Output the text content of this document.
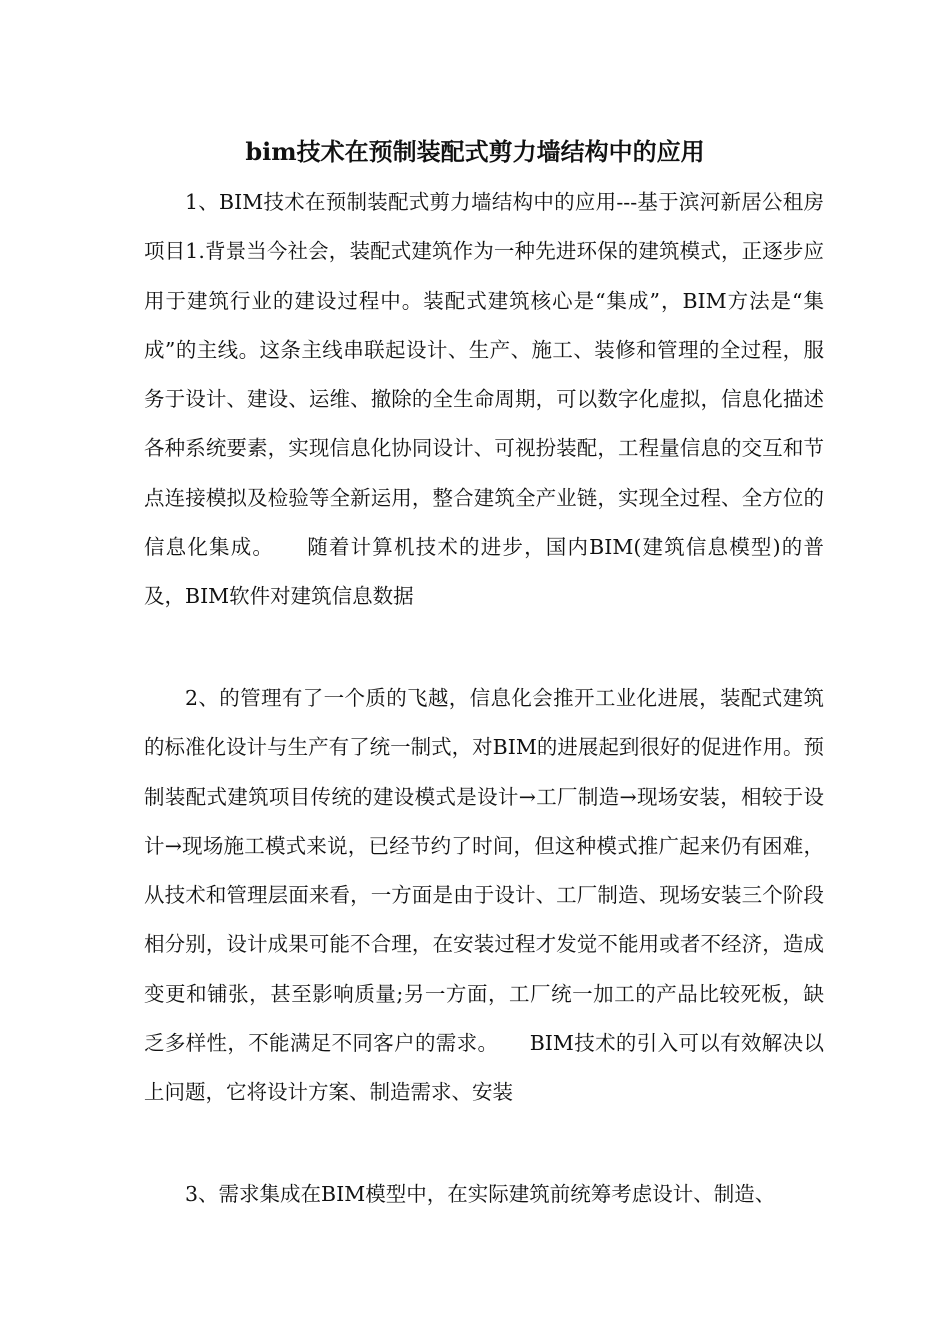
bim技术在预制装配式剪力墙结构中的应用

1、BIM技术在预制装配式剪力墙结构中的应用---基于滨河新居公租房项目1.背景当今社会，装配式建筑作为一种先进环保的建筑模式，正逐步应用于建筑行业的建设过程中。装配式建筑核心是“集成”，BIM方法是“集成”的主线。这条主线串联起设计、生产、施工、装修和管理的全过程，服务于设计、建设、运维、撤除的全生命周期，可以数字化虚拟，信息化描述各种系统要素，实现信息化协同设计、可视扮装配，工程量信息的交互和节点连接模拟及检验等全新运用，整合建筑全产业链，实现全过程、全方位的信息化集成。　　随着计算机技术的进步，国内BIM(建筑信息模型)的普及，BIM软件对建筑信息数据

2、的管理有了一个质的飞越，信息化会推开工业化进展，装配式建筑的标准化设计与生产有了统一制式，对BIM的进展起到很好的促进作用。预制装配式建筑项目传统的建设模式是设计→工厂制造→现场安装，相较于设计→现场施工模式来说，已经节约了时间，但这种模式推广起来仍有困难，从技术和管理层面来看，一方面是由于设计、工厂制造、现场安装三个阶段相分别，设计成果可能不合理，在安装过程才发觉不能用或者不经济，造成变更和铺张，甚至影响质量;另一方面，工厂统一加工的产品比较死板，缺乏多样性，不能满足不同客户的需求。　　BIM技术的引入可以有效解决以上问题，它将设计方案、制造需求、安装

3、需求集成在BIM模型中，在实际建筑前统筹考虑设计、制造、
